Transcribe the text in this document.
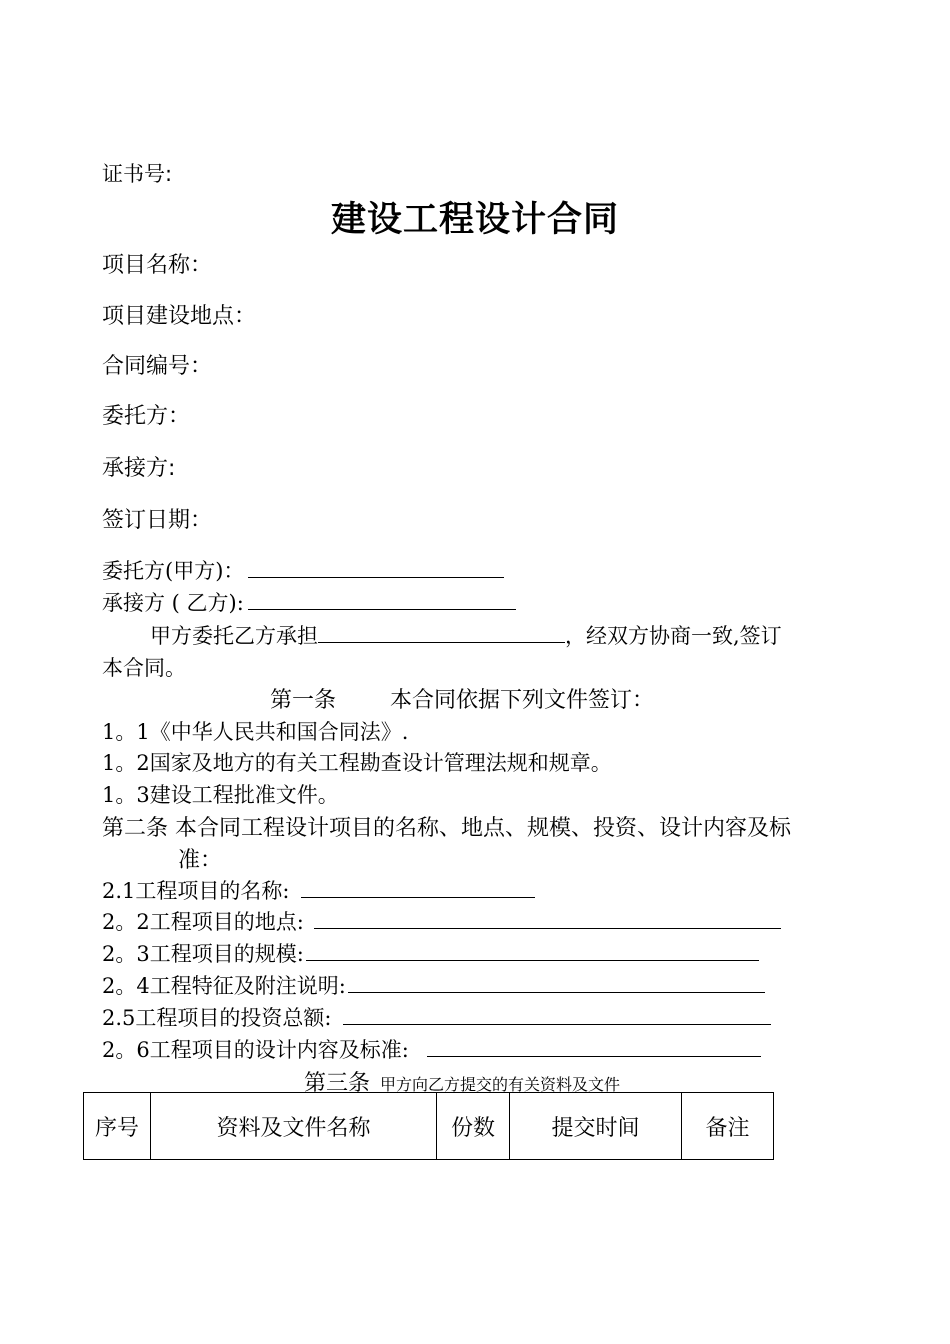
证书号:
建设工程设计合同
项目名称：
项目建设地点：
合同编号：
委托方：
承接方:
签订日期：
委托方(甲方)：
承接方 ( 乙方):
甲方委托乙方承担	，经双方协商一致,签订
本合同。
第一条 本合同依据下列文件签订：
1。1《中华人民共和国合同法》.
1。2国家及地方的有关工程勘查设计管理法规和规章。
1。3建设工程批准文件。
第二条 本合同工程设计项目的名称、地点、规模、投资、设计内容及标
准：
2.1工程项目的名称:
2。2工程项目的地点:
2。3工程项目的规模:
2。4工程特征及附注说明:
2.5工程项目的投资总额:
2。6工程项目的设计内容及标准:
第三条 甲方向乙方提交的有关资料及文件
序号	资料及文件名称	份数	提交时间	备注
